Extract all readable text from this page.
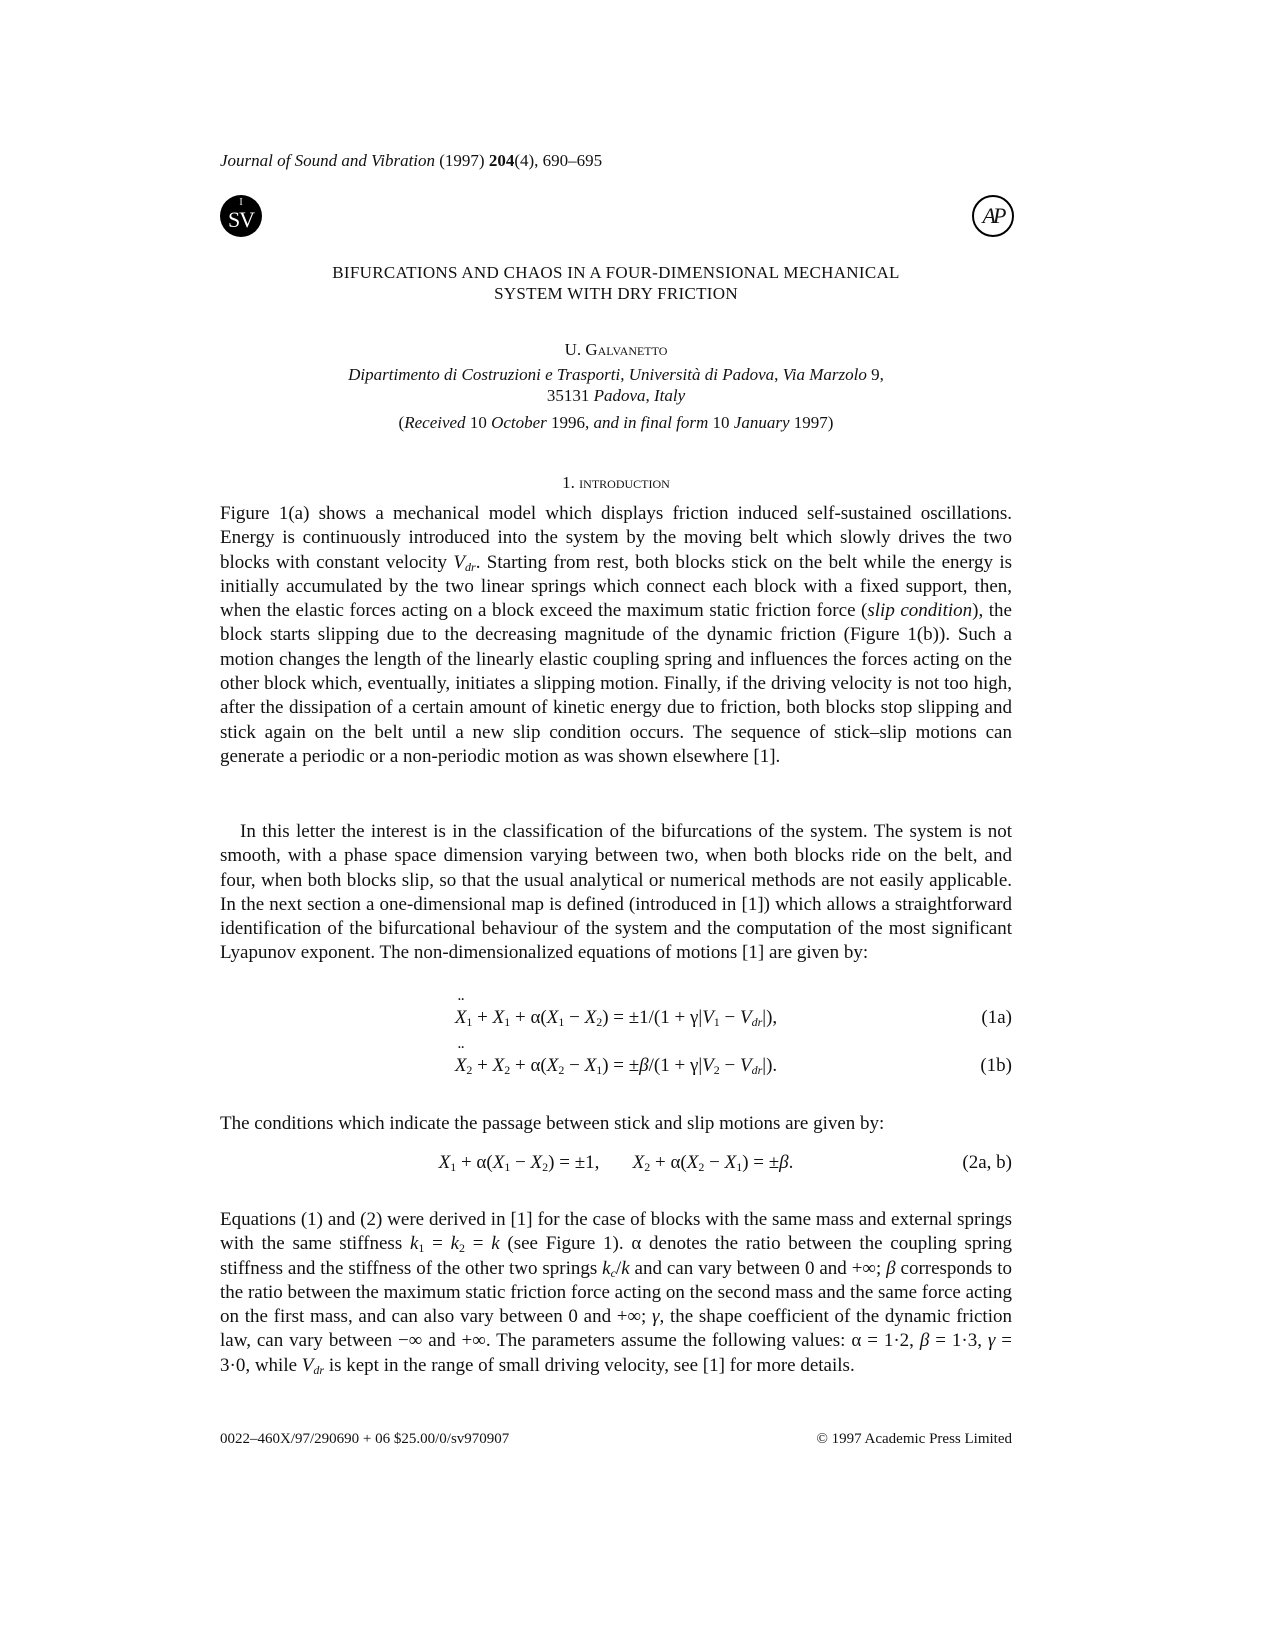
Journal of Sound and Vibration (1997) 204(4), 690–695
I
SV	AP
BIFURCATIONS AND CHAOS IN A FOUR-DIMENSIONAL MECHANICAL
SYSTEM WITH DRY FRICTION
U. Galvanetto
Dipartimento di Costruzioni e Trasporti, Università di Padova, Via Marzolo 9,
35131 Padova, Italy
(Received 10 October 1996, and in final form 10 January 1997)
1. introduction

Figure 1(a) shows a mechanical model which displays friction induced self-sustained oscillations. Energy is continuously introduced into the system by the moving belt which slowly drives the two blocks with constant velocity $V_{dr}$. Starting from rest, both blocks stick on the belt while the energy is initially accumulated by the two linear springs which connect each block with a fixed support, then, when the elastic forces acting on a block exceed the maximum static friction force (slip condition), the block starts slipping due to the decreasing magnitude of the dynamic friction (Figure 1(b)). Such a motion changes the length of the linearly elastic coupling spring and influences the forces acting on the other block which, eventually, initiates a slipping motion. Finally, if the driving velocity is not too high, after the dissipation of a certain amount of kinetic energy due to friction, both blocks stop slipping and stick again on the belt until a new slip condition occurs. The sequence of stick–slip motions can generate a periodic or a non-periodic motion as was shown elsewhere [1].

In this letter the interest is in the classification of the bifurcations of the system. The system is not smooth, with a phase space dimension varying between two, when both blocks ride on the belt, and four, when both blocks slip, so that the usual analytical or numerical methods are not easily applicable. In the next section a one-dimensional map is defined (introduced in [1]) which allows a straightforward identification of the bifurcational behaviour of the system and the computation of the most significant Lyapunov exponent. The non-dimensionalized equations of motions [1] are given by:

¨ $X_1 + X_1 + \alpha(X_1 - X_2) = \pm 1/(1 + \gamma|V_1 - V_{dr}|)$,	(1a)
¨ $X_2 + X_2 + \alpha(X_2 - X_1) = \pm\beta/(1 + \gamma|V_2 - V_{dr}|)$.	(1b)

The conditions which indicate the passage between stick and slip motions are given by:

$X_1 + \alpha(X_1 - X_2) = \pm 1$,       $X_2 + \alpha(X_2 - X_1) = \pm\beta$.	(2a, b)

Equations (1) and (2) were derived in [1] for the case of blocks with the same mass and external springs with the same stiffness $k_1 = k_2 = k$ (see Figure 1). α denotes the ratio between the coupling spring stiffness and the stiffness of the other two springs $k_c/k$ and can vary between 0 and +∞; β corresponds to the ratio between the maximum static friction force acting on the second mass and the same force acting on the first mass, and can also vary between 0 and +∞; γ, the shape coefficient of the dynamic friction law, can vary between −∞ and +∞. The parameters assume the following values: α = 1·2, β = 1·3, γ = 3·0, while $V_{dr}$ is kept in the range of small driving velocity, see [1] for more details.

0022–460X/97/290690 + 06 $25.00/0/sv970907	© 1997 Academic Press Limited
